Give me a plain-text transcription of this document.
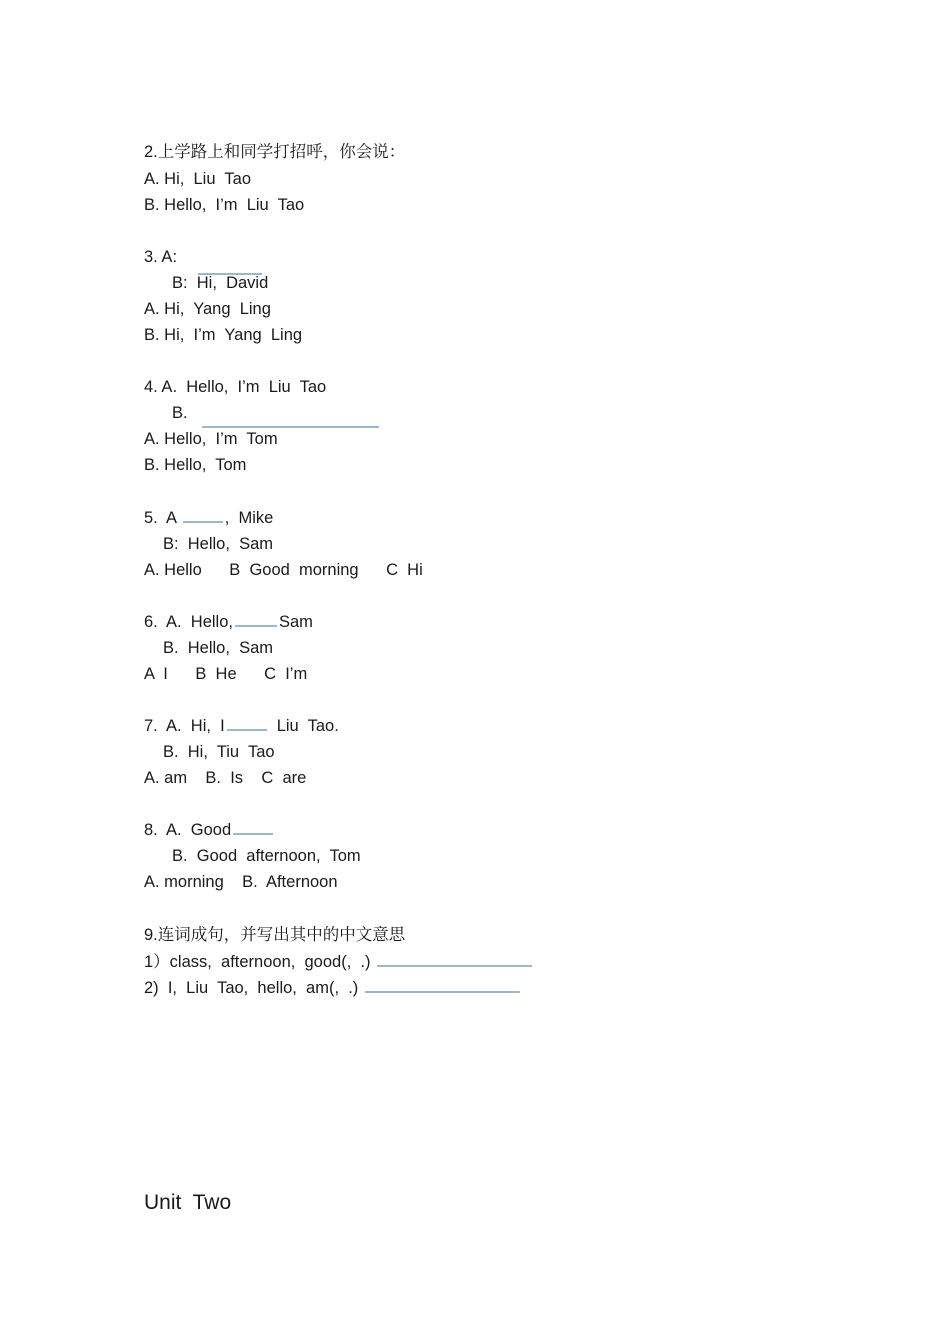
2.上学路上和同学打招呼，你会说：
A. Hi,  Liu  Tao
B. Hello,  I’m  Liu  Tao
3. A:
B:  Hi,  David
A. Hi,  Yang  Ling
B. Hi,  I’m  Yang  Ling
4. A.  Hello,  I’m  Liu  Tao
B.
A. Hello,  I’m  Tom
B. Hello,  Tom
5.  A	,  Mike
B:  Hello,  Sam
A. Hello      B  Good  morning      C  Hi
6.  A.  Hello,	Sam
B.  Hello,  Sam
A  I      B  He      C  I’m
7.  A.  Hi,  I	Liu  Tao.
B.  Hi,  Tiu  Tao
A. am    B.  Is    C  are
8.  A.  Good
B.  Good  afternoon,  Tom
A. morning    B.  Afternoon
9.连词成句，并写出其中的中文意思
1）class,  afternoon,  good(,  .)
2)  I,  Liu  Tao,  hello,  am(,  .)
Unit  Two
